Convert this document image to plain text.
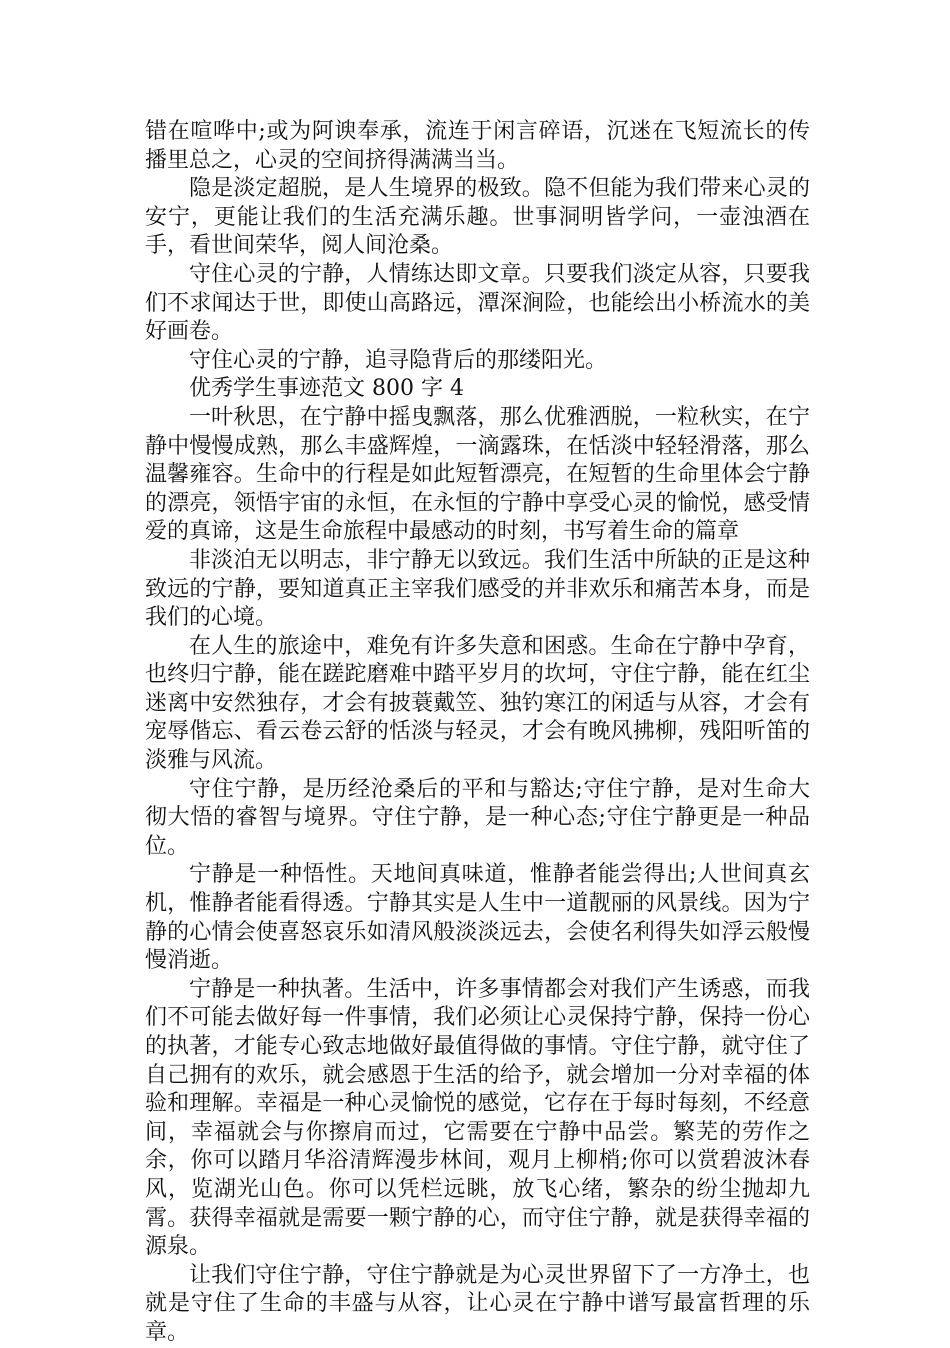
错在喧哗中;或为阿谀奉承，流连于闲言碎语，沉迷在飞短流长的传播里总之，心灵的空间挤得满满当当。

隐是淡定超脱，是人生境界的极致。隐不但能为我们带来心灵的安宁，更能让我们的生活充满乐趣。世事洞明皆学问，一壶浊酒在手，看世间荣华，阅人间沧桑。

守住心灵的宁静，人情练达即文章。只要我们淡定从容，只要我们不求闻达于世，即使山高路远，潭深涧险，也能绘出小桥流水的美好画卷。

守住心灵的宁静，追寻隐背后的那缕阳光。

优秀学生事迹范文 800 字 4

一叶秋思，在宁静中摇曳飘落，那么优雅洒脱，一粒秋实，在宁静中慢慢成熟，那么丰盛辉煌，一滴露珠，在恬淡中轻轻滑落，那么温馨雍容。生命中的行程是如此短暂漂亮，在短暂的生命里体会宁静的漂亮，领悟宇宙的永恒，在永恒的宁静中享受心灵的愉悦，感受情爱的真谛，这是生命旅程中最感动的时刻，书写着生命的篇章

非淡泊无以明志，非宁静无以致远。我们生活中所缺的正是这种致远的宁静，要知道真正主宰我们感受的并非欢乐和痛苦本身，而是我们的心境。

在人生的旅途中，难免有许多失意和困惑。生命在宁静中孕育，也终归宁静，能在蹉跎磨难中踏平岁月的坎坷，守住宁静，能在红尘迷离中安然独存，才会有披蓑戴笠、独钓寒江的闲适与从容，才会有宠辱偕忘、看云卷云舒的恬淡与轻灵，才会有晚风拂柳，残阳听笛的淡雅与风流。

守住宁静，是历经沧桑后的平和与豁达;守住宁静，是对生命大彻大悟的睿智与境界。守住宁静，是一种心态;守住宁静更是一种品位。

宁静是一种悟性。天地间真味道，惟静者能尝得出;人世间真玄机，惟静者能看得透。宁静其实是人生中一道靓丽的风景线。因为宁静的心情会使喜怒哀乐如清风般淡淡远去，会使名利得失如浮云般慢慢消逝。

宁静是一种执著。生活中，许多事情都会对我们产生诱惑，而我们不可能去做好每一件事情，我们必须让心灵保持宁静，保持一份心的执著，才能专心致志地做好最值得做的事情。守住宁静，就守住了自己拥有的欢乐，就会感恩于生活的给予，就会增加一分对幸福的体验和理解。幸福是一种心灵愉悦的感觉，它存在于每时每刻，不经意间，幸福就会与你擦肩而过，它需要在宁静中品尝。繁芜的劳作之余，你可以踏月华浴清辉漫步林间，观月上柳梢;你可以赏碧波沐春风，览湖光山色。你可以凭栏远眺，放飞心绪，繁杂的纷尘抛却九霄。获得幸福就是需要一颗宁静的心，而守住宁静，就是获得幸福的源泉。

让我们守住宁静，守住宁静就是为心灵世界留下了一方净土，也就是守住了生命的丰盛与从容，让心灵在宁静中谱写最富哲理的乐章。
